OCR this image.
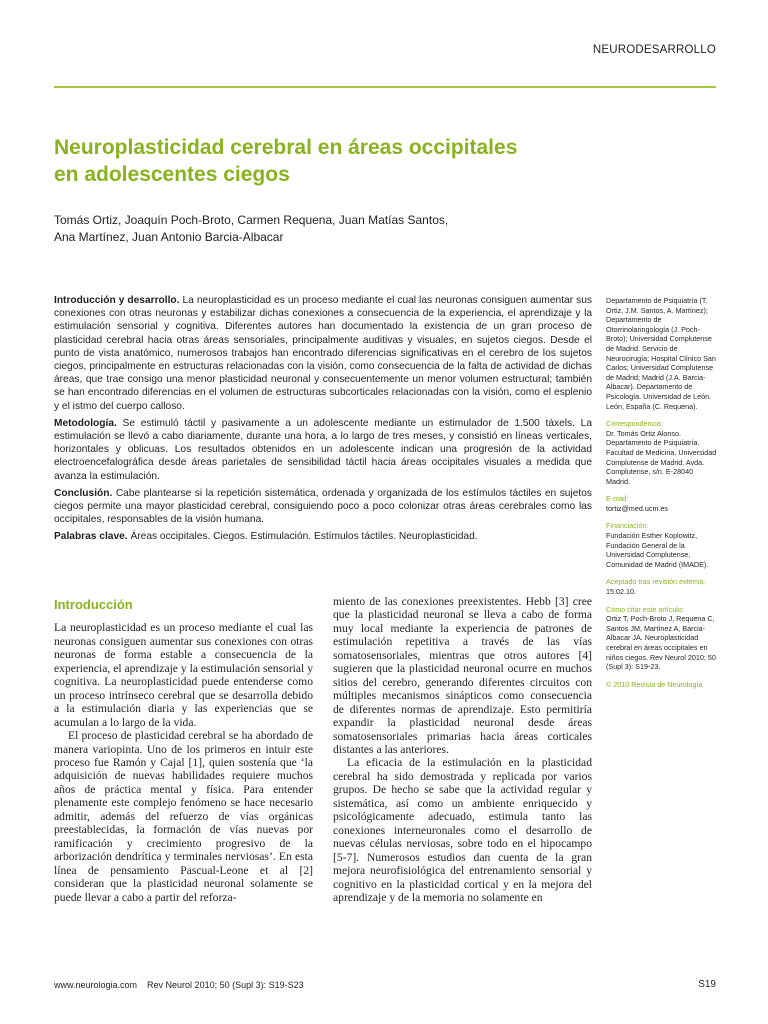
NEURODESARROLLO
Neuroplasticidad cerebral en áreas occipitales
en adolescentes ciegos
Tomás Ortiz, Joaquín Poch-Broto, Carmen Requena, Juan Matías Santos,
Ana Martínez, Juan Antonio Barcia-Albacar

Introducción y desarrollo. La neuroplasticidad es un proceso mediante el cual las neuronas consiguen aumentar sus conexiones con otras neuronas y estabilizar dichas conexiones a consecuencia de la experiencia, el aprendizaje y la estimulación sensorial y cognitiva. Diferentes autores han documentado la existencia de un gran proceso de plasticidad cerebral hacia otras áreas sensoriales, principalmente auditivas y visuales, en sujetos ciegos. Desde el punto de vista anatómico, numerosos trabajos han encontrado diferencias significativas en el cerebro de los sujetos ciegos, principalmente en estructuras relacionadas con la visión, como consecuencia de la falta de actividad de dichas áreas, que trae consigo una menor plasticidad neuronal y consecuentemente un menor volumen estructural; también se han encontrado diferencias en el volumen de estructuras subcorticales relacionadas con la visión, como el esplenio y el istmo del cuerpo calloso.

Metodología. Se estimuló táctil y pasivamente a un adolescente mediante un estimulador de 1.500 táxels. La estimulación se llevó a cabo diariamente, durante una hora, a lo largo de tres meses, y consistió en líneas verticales, horizontales y oblicuas. Los resultados obtenidos en un adolescente indican una progresión de la actividad electroencefalográfica desde áreas parietales de sensibilidad táctil hacia áreas occipitales visuales a medida que avanza la estimulación.

Conclusión. Cabe plantearse si la repetición sistemática, ordenada y organizada de los estímulos táctiles en sujetos ciegos permite una mayor plasticidad cerebral, consiguiendo poco a poco colonizar otras áreas cerebrales como las occipitales, responsables de la visión humana.

Palabras clave. Áreas occipitales. Ciegos. Estimulación. Estímulos táctiles. Neuroplasticidad.

Departamento de Psiquiatría (T. Ortiz, J.M. Santos, A. Martínez); Departamento de Otorrinolaringología (J. Poch-Broto); Universidad Complutense de Madrid. Servicio de Neurocirugía; Hospital Clínico San Carlos; Universidad Complutense de Madrid; Madrid (J.A. Barcia-Albacar). Departamento de Psicología. Universidad de León. León, España (C. Requena).
Correspondencia:
Dr. Tomás Ortiz Alonso. Departamento de Psiquiatría. Facultad de Medicina. Universidad Complutense de Madrid. Avda. Complutense, s/n. E-28040 Madrid.
E-mail:
tortiz@med.ucm.es
Financiación:
Fundación Esther Koplowitz, Fundación General de la Universidad Complutense, Comunidad de Madrid (IMADE).
Aceptado tras revisión externa:
15.02.10.
Cómo citar este artículo:
Ortiz T, Poch-Broto J, Requena C, Santos JM, Martínez A, Barcia-Albacar JA. Neuroplasticidad cerebral en áreas occipitales en niños ciegos. Rev Neurol 2010; 50 (Supl 3): S19-23.
© 2010 Revista de Neurología
Introducción

La neuroplasticidad es un proceso mediante el cual las neuronas consiguen aumentar sus conexiones con otras neuronas de forma estable a consecuencia de la experiencia, el aprendizaje y la estimulación sensorial y cognitiva. La neuroplasticidad puede entenderse como un proceso intrínseco cerebral que se desarrolla debido a la estimulación diaria y las experiencias que se acumulan a lo largo de la vida.

El proceso de plasticidad cerebral se ha abordado de manera variopinta. Uno de los primeros en intuir este proceso fue Ramón y Cajal [1], quien sostenía que ‘la adquisición de nuevas habilidades requiere muchos años de práctica mental y física. Para entender plenamente este complejo fenómeno se hace necesario admitir, además del refuerzo de vías orgánicas preestablecidas, la formación de vías nuevas por ramificación y crecimiento progresivo de la arborización dendrítica y terminales nerviosas’. En esta línea de pensamiento Pascual-Leone et al [2] consideran que la plasticidad neuronal solamente se puede llevar a cabo a partir del reforza-

miento de las conexiones preexistentes. Hebb [3] cree que la plasticidad neuronal se lleva a cabo de forma muy local mediante la experiencia de patrones de estimulación repetitiva a través de las vías somatosensoriales, mientras que otros autores [4] sugieren que la plasticidad neuronal ocurre en muchos sitios del cerebro, generando diferentes circuitos con múltiples mecanismos sinápticos como consecuencia de diferentes normas de aprendizaje. Esto permitiría expandir la plasticidad neuronal desde áreas somatosensoriales primarias hacia áreas corticales distantes a las anteriores.

La eficacia de la estimulación en la plasticidad cerebral ha sido demostrada y replicada por varios grupos. De hecho se sabe que la actividad regular y sistemática, así como un ambiente enriquecido y psicológicamente adecuado, estimula tanto las conexiones interneuronales como el desarrollo de nuevas células nerviosas, sobre todo en el hipocampo [5-7]. Numerosos estudios dan cuenta de la gran mejora neurofisiológica del entrenamiento sensorial y cognitivo en la plasticidad cortical y en la mejora del aprendizaje y de la memoria no solamente en

www.neurologia.com    Rev Neurol 2010; 50 (Supl 3): S19-S23	S19
